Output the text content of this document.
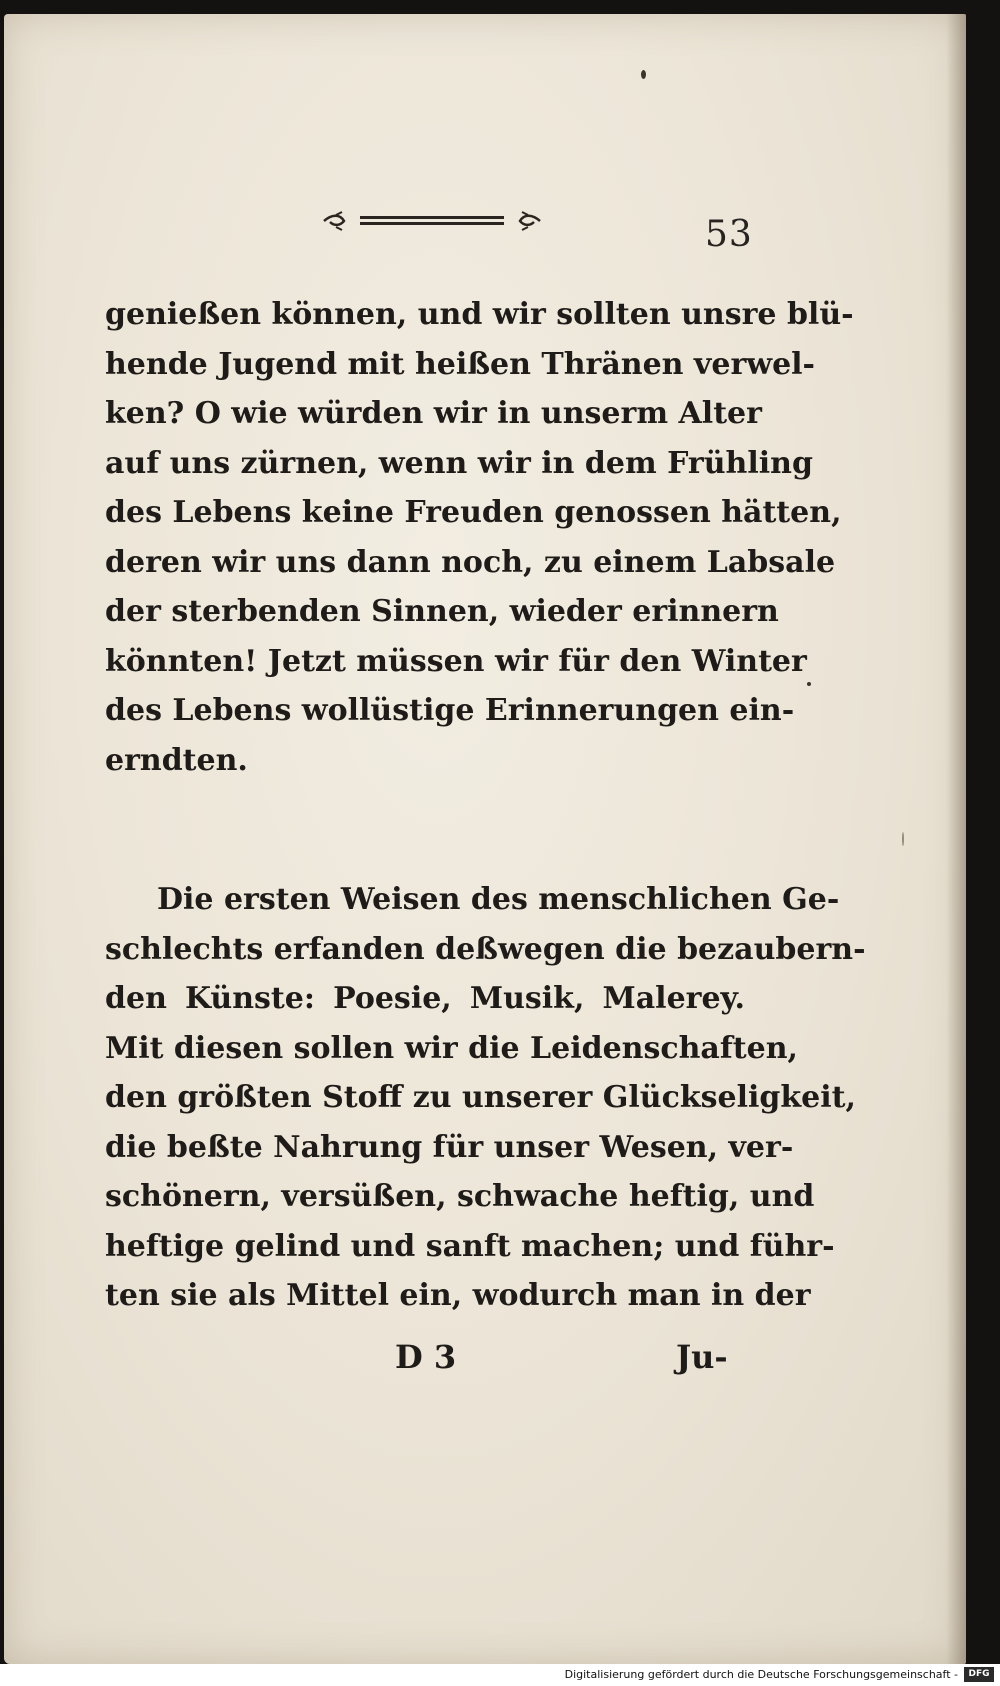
53
genießen können, und wir sollten unsre blü-
hende Jugend mit heißen Thränen verwel-
ken? O wie würden wir in unserm Alter
auf uns zürnen, wenn wir in dem Frühling
des Lebens keine Freuden genossen hätten,
deren wir uns dann noch, zu einem Labsale
der sterbenden Sinnen, wieder erinnern
könnten! Jetzt müssen wir für den Winter
des Lebens wollüstige Erinnerungen ein-
erndten.
Die ersten Weisen des menschlichen Ge-
schlechts erfanden deßwegen die bezaubern-
den Künste: Poesie, Musik, Malerey.
Mit diesen sollen wir die Leidenschaften,
den größten Stoff zu unserer Glückseligkeit,
die beßte Nahrung für unser Wesen, ver-
schönern, versüßen, schwache heftig, und
heftige gelind und sanft machen; und führ-
ten sie als Mittel ein, wodurch man in der
D 3	Ju-
Digitalisierung gefördert durch die Deutsche Forschungsgemeinschaft -	DFG
